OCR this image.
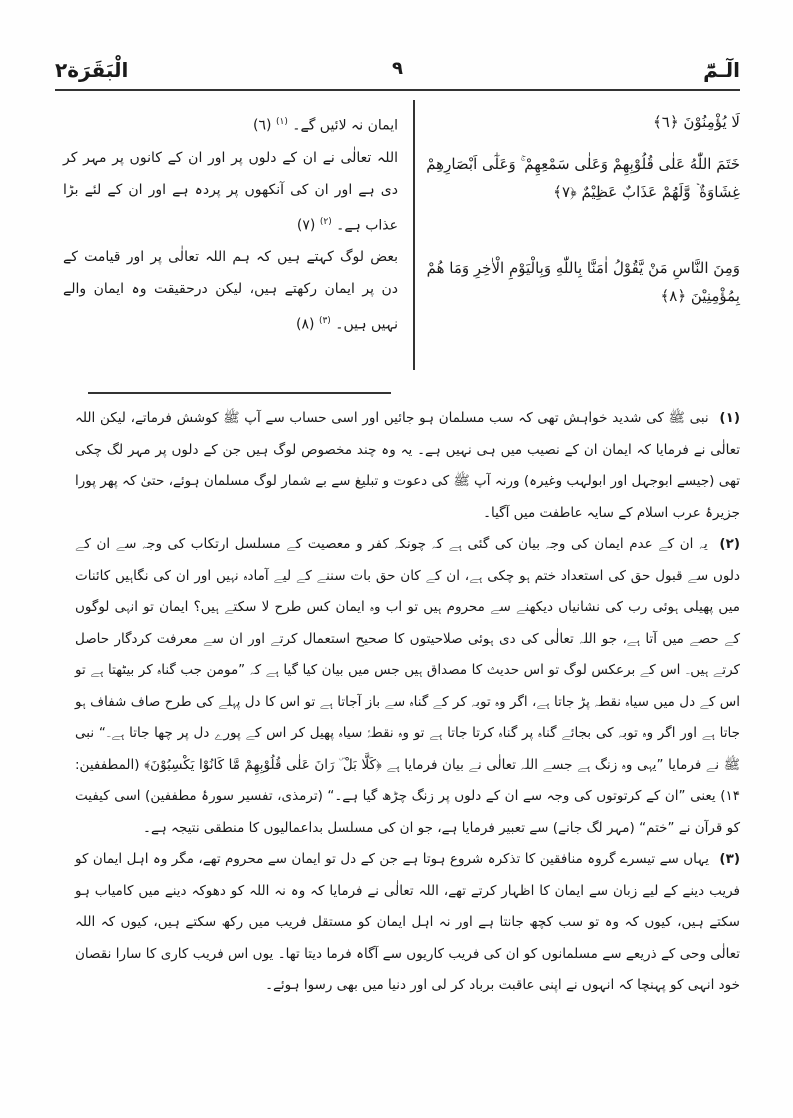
الٓـمّٓ
٩
الْبَقَرَة٢
لَا يُؤْمِنُوْنَ ﴿٦﴾
خَتَمَ اللّٰهُ عَلٰى قُلُوْبِهِمْ وَعَلٰى سَمْعِهِمْ ۚ وَعَلٰٓى اَبْصَارِهِمْ غِشَاوَةٌ ۡ وَّلَهُمْ عَذَابٌ عَظِيْمٌ ﴿٧﴾
وَمِنَ النَّاسِ مَنْ يَّقُوْلُ اٰمَنَّا بِاللّٰهِ وَبِالْيَوْمِ الْاٰخِرِ وَمَا هُمْ بِمُؤْمِنِيْنَ ﴿٨﴾

ایمان نہ لائیں گے۔ $^{(۱)}$ (٦)

اللہ تعالٰی نے ان کے دلوں پر اور ان کے کانوں پر مہر کر دی ہے اور ان کی آنکھوں پر پردہ ہے اور ان کے لئے بڑا عذاب ہے۔ $^{(۲)}$ (٧)

بعض لوگ کہتے ہیں کہ ہم اللہ تعالٰی پر اور قیامت کے دن پر ایمان رکھتے ہیں، لیکن درحقیقت وہ ایمان والے نہیں ہیں۔ $^{(۳)}$ (٨)

(۱) نبی ﷺ کی شدید خواہش تھی کہ سب مسلمان ہو جائیں اور اسی حساب سے آپ ﷺ کوشش فرماتے، لیکن اللہ تعالٰی نے فرمایا کہ ایمان ان کے نصیب میں ہی نہیں ہے۔ یہ وہ چند مخصوص لوگ ہیں جن کے دلوں پر مہر لگ چکی تھی (جیسے ابوجہل اور ابولہب وغیرہ) ورنہ آپ ﷺ کی دعوت و تبلیغ سے بے شمار لوگ مسلمان ہوئے، حتیٰ کہ پھر پورا جزیرۂ عرب اسلام کے سایہ عاطفت میں آگیا۔

(۲) یہ ان کے عدم ایمان کی وجہ بیان کی گئی ہے کہ چونکہ کفر و معصیت کے مسلسل ارتکاب کی وجہ سے ان کے دلوں سے قبول حق کی استعداد ختم ہو چکی ہے، ان کے کان حق بات سننے کے لیے آمادہ نہیں اور ان کی نگاہیں کائنات میں پھیلی ہوئی رب کی نشانیاں دیکھنے سے محروم ہیں تو اب وہ ایمان کس طرح لا سکتے ہیں؟ ایمان تو انہی لوگوں کے حصے میں آتا ہے، جو اللہ تعالٰی کی دی ہوئی صلاحیتوں کا صحیح استعمال کرتے اور ان سے معرفت کردگار حاصل کرتے ہیں۔ اس کے برعکس لوگ تو اس حدیث کا مصداق ہیں جس میں بیان کیا گیا ہے کہ ”مومن جب گناہ کر بیٹھتا ہے تو اس کے دل میں سیاہ نقطہ پڑ جاتا ہے، اگر وہ توبہ کر کے گناہ سے باز آجاتا ہے تو اس کا دل پہلے کی طرح صاف شفاف ہو جاتا ہے اور اگر وہ توبہ کی بجائے گناہ پر گناہ کرتا جاتا ہے تو وہ نقطۂ سیاہ پھیل کر اس کے پورے دل پر چھا جاتا ہے۔“ نبی ﷺ نے فرمایا ”یہی وہ زنگ ہے جسے اللہ تعالٰی نے بیان فرمایا ہے ﴿كَلَّا بَلْ ۜ رَانَ عَلٰى قُلُوْبِهِمْ مَّا كَانُوْا يَكْسِبُوْنَ﴾ (المطففین: ۱۴) یعنی ”ان کے کرتوتوں کی وجہ سے ان کے دلوں پر زنگ چڑھ گیا ہے۔“ (ترمذی، تفسیر سورۂ مطففین) اسی کیفیت کو قرآن نے ”ختم“ (مہر لگ جانے) سے تعبیر فرمایا ہے، جو ان کی مسلسل بداعمالیوں کا منطقی نتیجہ ہے۔

(۳) یہاں سے تیسرے گروہ منافقین کا تذکرہ شروع ہوتا ہے جن کے دل تو ایمان سے محروم تھے، مگر وہ اہل ایمان کو فریب دینے کے لیے زبان سے ایمان کا اظہار کرتے تھے، اللہ تعالٰی نے فرمایا کہ وہ نہ اللہ کو دھوکہ دینے میں کامیاب ہو سکتے ہیں، کیوں کہ وہ تو سب کچھ جانتا ہے اور نہ اہل ایمان کو مستقل فریب میں رکھ سکتے ہیں، کیوں کہ اللہ تعالٰی وحی کے ذریعے سے مسلمانوں کو ان کی فریب کاریوں سے آگاہ فرما دیتا تھا۔ یوں اس فریب کاری کا سارا نقصان خود انہی کو پہنچا کہ انہوں نے اپنی عاقبت برباد کر لی اور دنیا میں بھی رسوا ہوئے۔
